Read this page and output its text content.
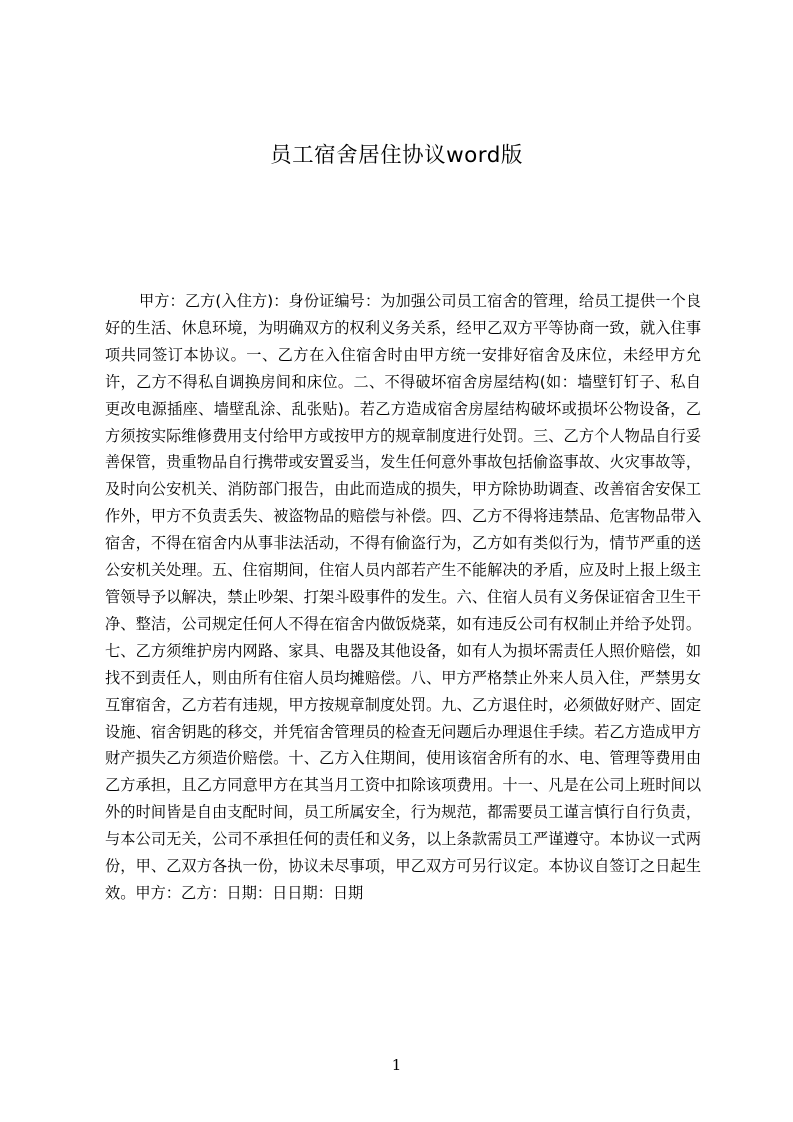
员工宿舍居住协议word版

甲方：乙方(入住方)：身份证编号：为加强公司员工宿舍的管理，给员工提供一个良好的生活、休息环境，为明确双方的权利义务关系，经甲乙双方平等协商一致，就入住事项共同签订本协议。一、乙方在入住宿舍时由甲方统一安排好宿舍及床位，未经甲方允许，乙方不得私自调换房间和床位。二、不得破坏宿舍房屋结构(如：墙壁钉钉子、私自更改电源插座、墙壁乱涂、乱张贴)。若乙方造成宿舍房屋结构破坏或损坏公物设备，乙方须按实际维修费用支付给甲方或按甲方的规章制度进行处罚。三、乙方个人物品自行妥善保管，贵重物品自行携带或安置妥当，发生任何意外事故包括偷盗事故、火灾事故等，及时向公安机关、消防部门报告，由此而造成的损失，甲方除协助调查、改善宿舍安保工作外，甲方不负责丢失、被盗物品的赔偿与补偿。四、乙方不得将违禁品、危害物品带入宿舍，不得在宿舍内从事非法活动，不得有偷盗行为，乙方如有类似行为，情节严重的送公安机关处理。五、住宿期间，住宿人员内部若产生不能解决的矛盾，应及时上报上级主管领导予以解决，禁止吵架、打架斗殴事件的发生。六、住宿人员有义务保证宿舍卫生干净、整洁，公司规定任何人不得在宿舍内做饭烧菜，如有违反公司有权制止并给予处罚。七、乙方须维护房内网路、家具、电器及其他设备，如有人为损坏需责任人照价赔偿，如找不到责任人，则由所有住宿人员均摊赔偿。八、甲方严格禁止外来人员入住，严禁男女互窜宿舍，乙方若有违规，甲方按规章制度处罚。九、乙方退住时，必须做好财产、固定设施、宿舍钥匙的移交，并凭宿舍管理员的检查无问题后办理退住手续。若乙方造成甲方财产损失乙方须造价赔偿。十、乙方入住期间，使用该宿舍所有的水、电、管理等费用由乙方承担，且乙方同意甲方在其当月工资中扣除该项费用。十一、凡是在公司上班时间以外的时间皆是自由支配时间，员工所属安全，行为规范，都需要员工谨言慎行自行负责，与本公司无关，公司不承担任何的责任和义务，以上条款需员工严谨遵守。本协议一式两份，甲、乙双方各执一份，协议未尽事项，甲乙双方可另行议定。本协议自签订之日起生效。甲方：乙方：日期：日日期：日期

1
